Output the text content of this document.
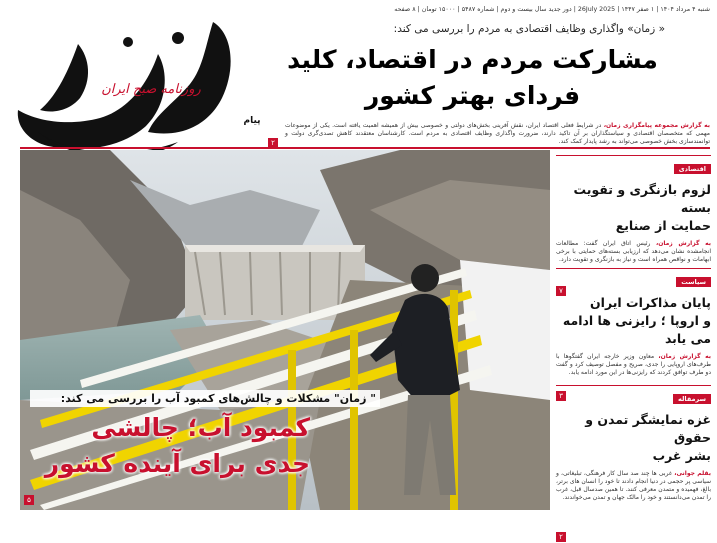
شنبه ۴ مرداد ۱۴۰۴ | ۱ صفر ۱۴۴۷ | 26July 2025 | دور جدید سال بیست و دوم | شماره ۵۴۸۷ | ۱۵۰۰۰ تومان | ۸ صفحه
روزنامه صبح ایران
پیام
« زمان» واگذاری وظایف اقتصادی به مردم را بررسی می کند:
مشارکت مردم در اقتصاد، کلید
فردای بهتر کشور
به گزارش مجموعه پیامگزاری زمان، در شرایط فعلی اقتصاد ایران، نقش آفرینی بخش‌های دولتی و خصوصی بیش از همیشه اهمیت یافته است. یکی از موضوعات مهمی که متخصصان اقتصادی و سیاستگذاران بر آن تاکید دارند، ضرورت واگذاری وظایف اقتصادی به مردم است. کارشناسان معتقدند کاهش تصدی‌گری دولت و توانمندسازی بخش خصوصی می‌تواند به رشد پایدار کمک کند.
۲
" زمان" مشکلات و چالش‌های کمبود آب را بررسی می کند:
کمبود آب؛ چالشی
جدی برای آینده کشور
۵
اقتصادی
لزوم بازنگری و تقویت بسته
حمایت از صنایع
به گزارش زمان، رئیس اتاق ایران گفت: مطالعات انجامشده نشان می‌دهد که ارزیابی بسته‌های حمایتی با برخی ابهامات و نواقص همراه است و نیاز به بازنگری و تقویت دارد.
۷
سیاست
پایان مذاکرات ایران
و اروپا ؛ رایزنی ها ادامه
می یابد
به گزارش زمان، معاون وزیر خارجه ایران گفتگوها با طرف‌های اروپایی را جدی، صریح و مفصل توصیف کرد و گفت دو طرف توافق کردند که رایزنی‌ها در این مورد ادامه یابد.
۳	سرمقاله
غزه نمایشگر تمدن و حقوق
بشر غرب
بقلم جوانی، غربی ها چند صد سال کار فرهنگی، تبلیغاتی، و سیاسی پر حجمی در دنیا انجام دادند تا خود را انسان های برتر، بالغ، فهمیده و متمدن معرفی کنند. تا همین صدسال قبل، غرب را تمدن می‌دانستند و خود را مالک جهان و تمدن می‌خواندند.
۲
